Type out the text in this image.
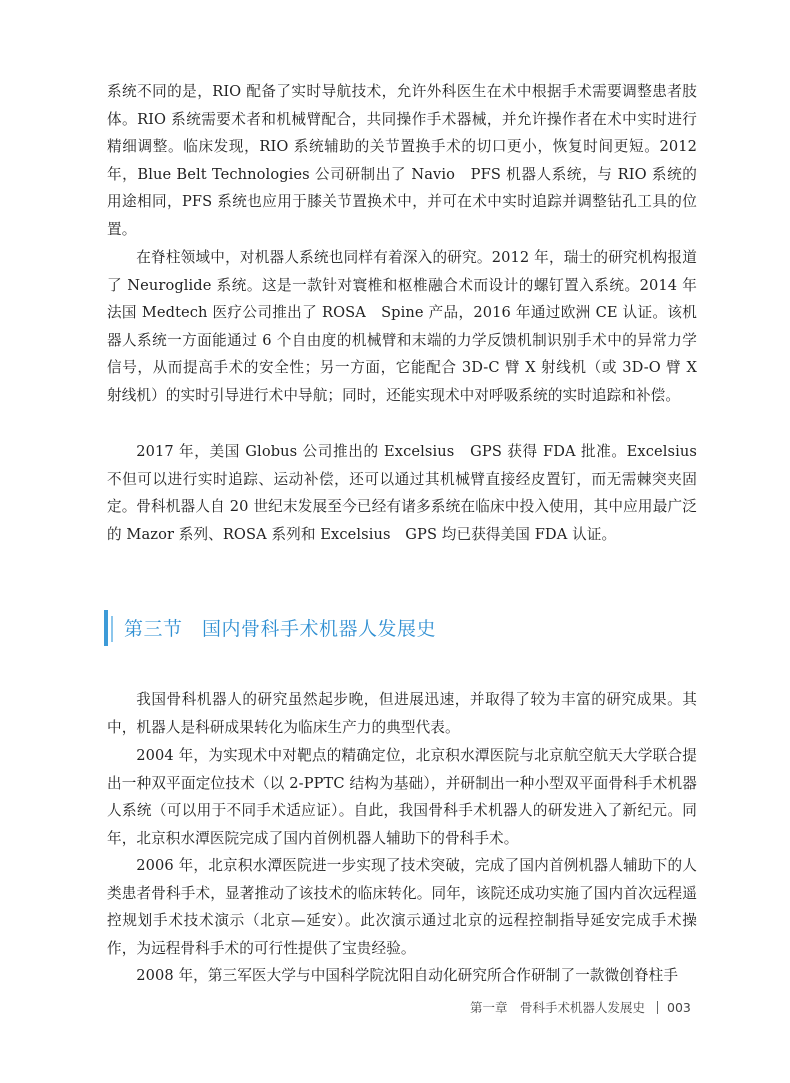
系统不同的是，RIO 配备了实时导航技术，允许外科医生在术中根据手术需要调整患者肢体。RIO 系统需要术者和机械臂配合，共同操作手术器械，并允许操作者在术中实时进行精细调整。临床发现，RIO 系统辅助的关节置换手术的切口更小，恢复时间更短。2012 年，Blue Belt Technologies 公司研制出了 Navio　PFS 机器人系统，与 RIO 系统的用途相同，PFS 系统也应用于膝关节置换术中，并可在术中实时追踪并调整钻孔工具的位置。

在脊柱领域中，对机器人系统也同样有着深入的研究。2012 年，瑞士的研究机构报道了 Neuroglide 系统。这是一款针对寰椎和枢椎融合术而设计的螺钉置入系统。2014 年法国 Medtech 医疗公司推出了 ROSA　Spine 产品，2016 年通过欧洲 CE 认证。该机器人系统一方面能通过 6 个自由度的机械臂和末端的力学反馈机制识别手术中的异常力学信号，从而提高手术的安全性；另一方面，它能配合 3D-C 臂 X 射线机（或 3D-O 臂 X 射线机）的实时引导进行术中导航；同时，还能实现术中对呼吸系统的实时追踪和补偿。

2017 年，美国 Globus 公司推出的 Excelsius　GPS 获得 FDA 批准。Excelsius 不但可以进行实时追踪、运动补偿，还可以通过其机械臂直接经皮置钉，而无需棘突夹固定。 骨科机器人自 20 世纪末发展至今已经有诸多系统在临床中投入使用，其中应用最广泛的 Mazor 系列、ROSA 系列和 Excelsius　GPS 均已获得美国 FDA 认证。

第三节　国内骨科手术机器人发展史

我国骨科机器人的研究虽然起步晚，但进展迅速，并取得了较为丰富的研究成果。其中，机器人是科研成果转化为临床生产力的典型代表。

2004 年，为实现术中对靶点的精确定位，北京积水潭医院与北京航空航天大学联合提出一种双平面定位技术（以 2-PPTC 结构为基础），并研制出一种小型双平面骨科手术机器人系统（可以用于不同手术适应证）。自此，我国骨科手术机器人的研发进入了新纪元。同年，北京积水潭医院完成了国内首例机器人辅助下的骨科手术。

2006 年，北京积水潭医院进一步实现了技术突破，完成了国内首例机器人辅助下的人类患者骨科手术，显著推动了该技术的临床转化。同年，该院还成功实施了国内首次远程遥控规划手术技术演示（北京—延安）。此次演示通过北京的远程控制指导延安完成手术操作，为远程骨科手术的可行性提供了宝贵经验。

2008 年，第三军医大学与中国科学院沈阳自动化研究所合作研制了一款微创脊柱手

第一章　骨科手术机器人发展史 003
